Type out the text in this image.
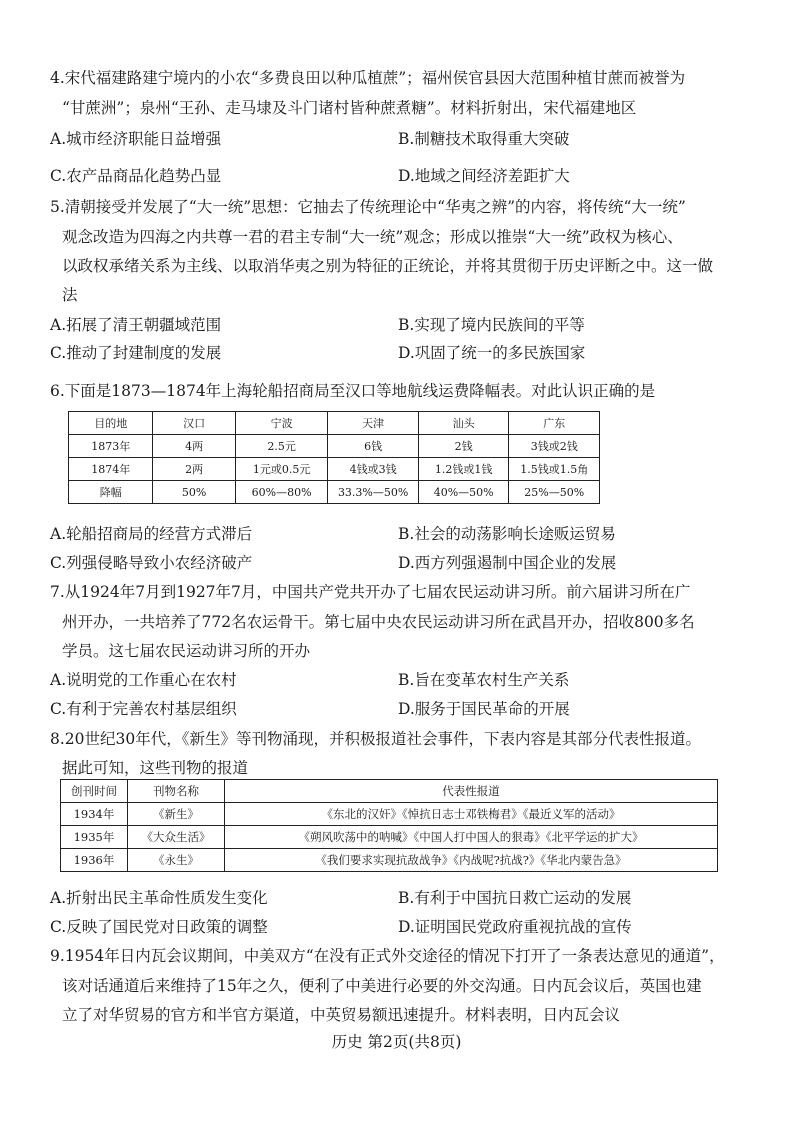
4.宋代福建路建宁境内的小农“多费良田以种瓜植蔗”；福州侯官县因大范围种植甘蔗而被誉为
“甘蔗洲”；泉州“王孙、走马埭及斗门诸村皆种蔗煮糖”。材料折射出，宋代福建地区
A.城市经济职能日益增强	B.制糖技术取得重大突破
C.农产品商品化趋势凸显	D.地域之间经济差距扩大
5.清朝接受并发展了“大一统”思想：它抽去了传统理论中“华夷之辨”的内容，将传统“大一统”
观念改造为四海之内共尊一君的君主专制“大一统”观念；形成以推崇“大一统”政权为核心、
以政权承绪关系为主线、以取消华夷之别为特征的正统论，并将其贯彻于历史评断之中。这一做
法
A.拓展了清王朝疆域范围	B.实现了境内民族间的平等
C.推动了封建制度的发展	D.巩固了统一的多民族国家
6.下面是1873—1874年上海轮船招商局至汉口等地航线运费降幅表。对此认识正确的是
目的地	汉口	宁波	天津	汕头	广东
1873年	4两	2.5元	6钱	2钱	3钱或2钱
1874年	2两	1元或0.5元	4钱或3钱	1.2钱或1钱	1.5钱或1.5角
降幅	50%	60%—80%	33.3%—50%	40%—50%	25%—50%
A.轮船招商局的经营方式滞后	B.社会的动荡影响长途贩运贸易
C.列强侵略导致小农经济破产	D.西方列强遏制中国企业的发展
7.从1924年7月到1927年7月，中国共产党共开办了七届农民运动讲习所。前六届讲习所在广
州开办，一共培养了772名农运骨干。第七届中央农民运动讲习所在武昌开办，招收800多名
学员。这七届农民运动讲习所的开办
A.说明党的工作重心在农村	B.旨在变革农村生产关系
C.有利于完善农村基层组织	D.服务于国民革命的开展
8.20世纪30年代，《新生》等刊物涌现，并积极报道社会事件，下表内容是其部分代表性报道。
据此可知，这些刊物的报道
创刊时间	刊物名称	代表性报道
1934年	《新生》	《东北的汉奸》《悼抗日志士邓铁梅君》《最近义军的活动》
1935年	《大众生活》	《朔风吹荡中的呐喊》《中国人打中国人的狠毒》《北平学运的扩大》
1936年	《永生》	《我们要求实现抗敌战争》《内战呢?抗战?》《华北内蒙告急》
A.折射出民主革命性质发生变化	B.有利于中国抗日救亡运动的发展
C.反映了国民党对日政策的调整	D.证明国民党政府重视抗战的宣传
9.1954年日内瓦会议期间，中美双方“在没有正式外交途径的情况下打开了一条表达意见的通道”，
该对话通道后来维持了15年之久，便利了中美进行必要的外交沟通。日内瓦会议后，英国也建
立了对华贸易的官方和半官方渠道，中英贸易额迅速提升。材料表明，日内瓦会议
历史 第2页(共8页)
